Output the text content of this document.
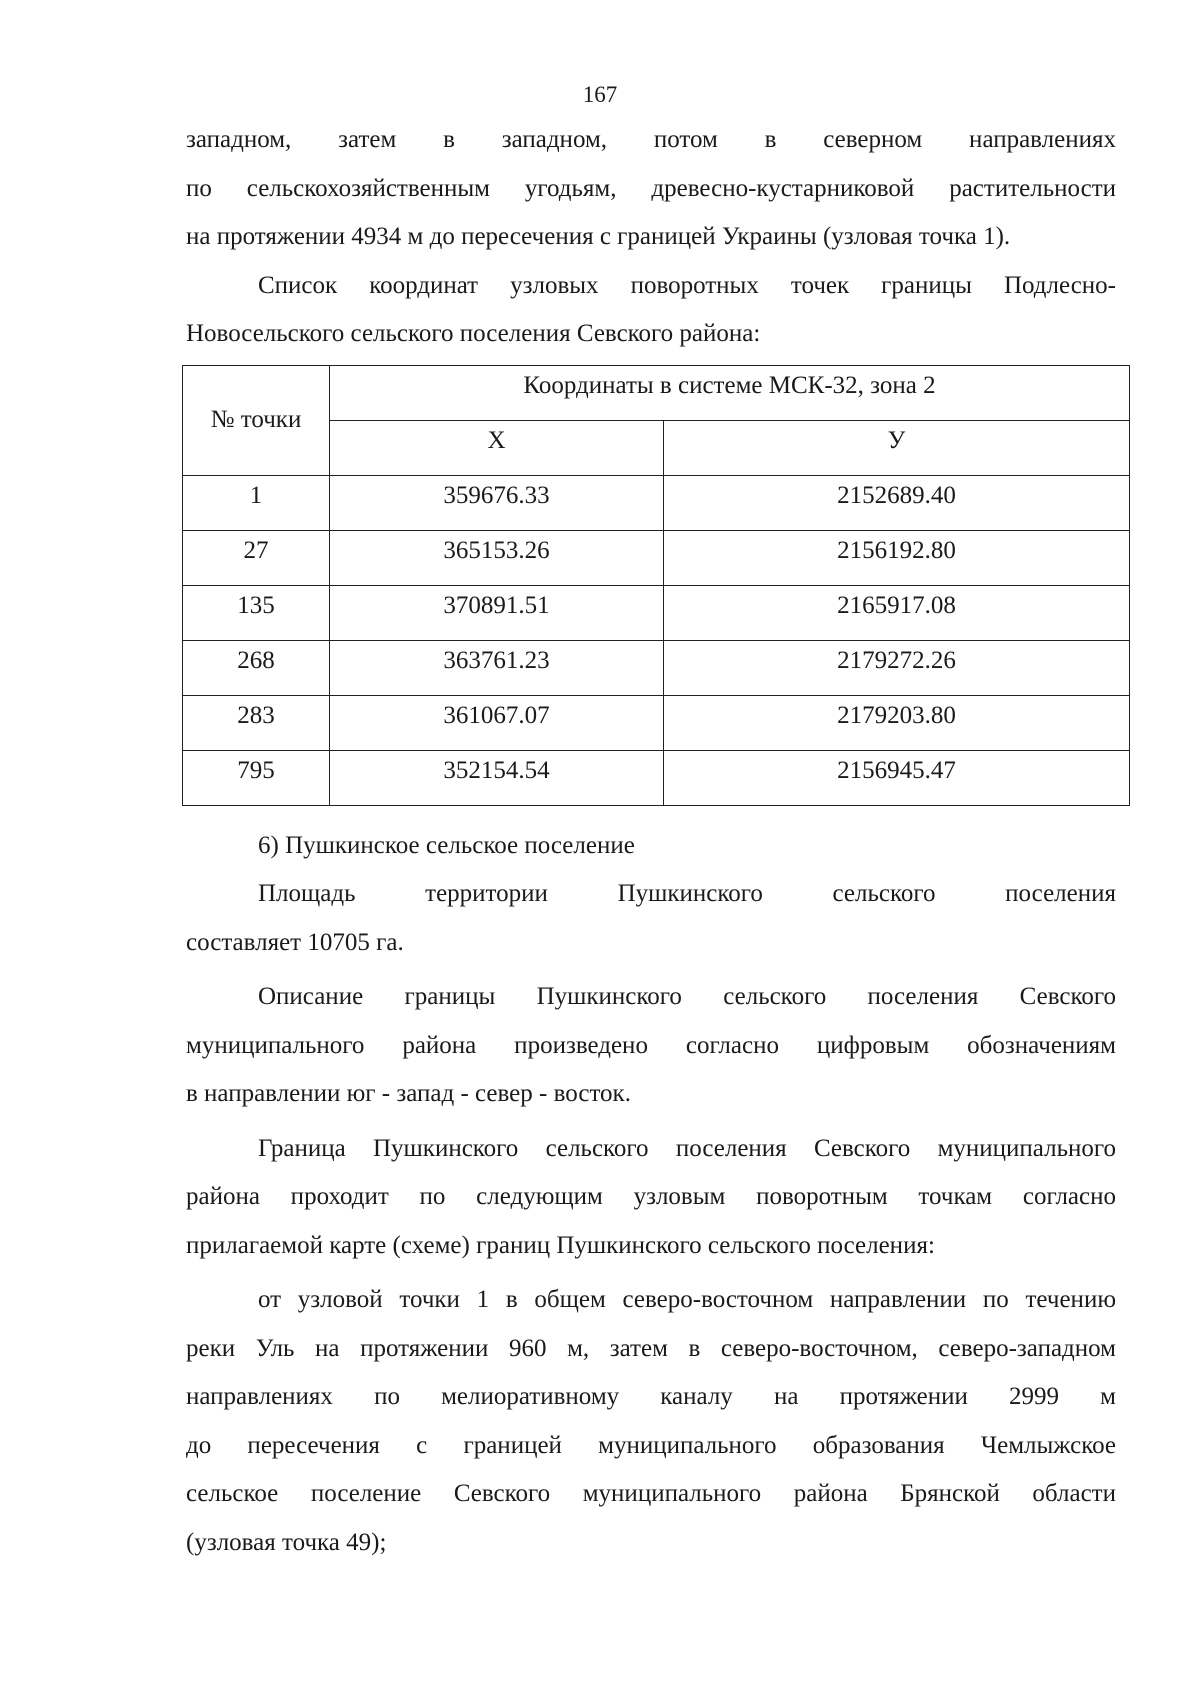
167

западном, затем в западном, потом в северном направлениях

по сельскохозяйственным угодьям, древесно-кустарниковой растительности

на протяжении 4934 м до пересечения с границей Украины (узловая точка 1).

Список координат узловых поворотных точек границы Подлесно-

Новосельского сельского поселения Севского района:

№ точки	Координаты в системе МСК-32, зона 2	
	X	У
1	359676.33	2152689.40
27	365153.26	2156192.80
135	370891.51	2165917.08
268	363761.23	2179272.26
283	361067.07	2179203.80
795	352154.54	2156945.47

6) Пушкинское сельское поселение

Площадь территории Пушкинского сельского поселения

составляет 10705 га.

Описание границы Пушкинского сельского поселения Севского

муниципального района произведено согласно цифровым обозначениям

в направлении юг - запад - север - восток.

Граница Пушкинского сельского поселения Севского муниципального

района проходит по следующим узловым поворотным точкам согласно

прилагаемой карте (схеме) границ Пушкинского сельского поселения:

от узловой точки 1 в общем северо-восточном направлении по течению

реки Уль на протяжении 960 м, затем в северо-восточном, северо-западном

направлениях по мелиоративному каналу на протяжении 2999 м

до пересечения с границей муниципального образования Чемлыжское

сельское поселение Севского муниципального района Брянской области

(узловая точка 49);
